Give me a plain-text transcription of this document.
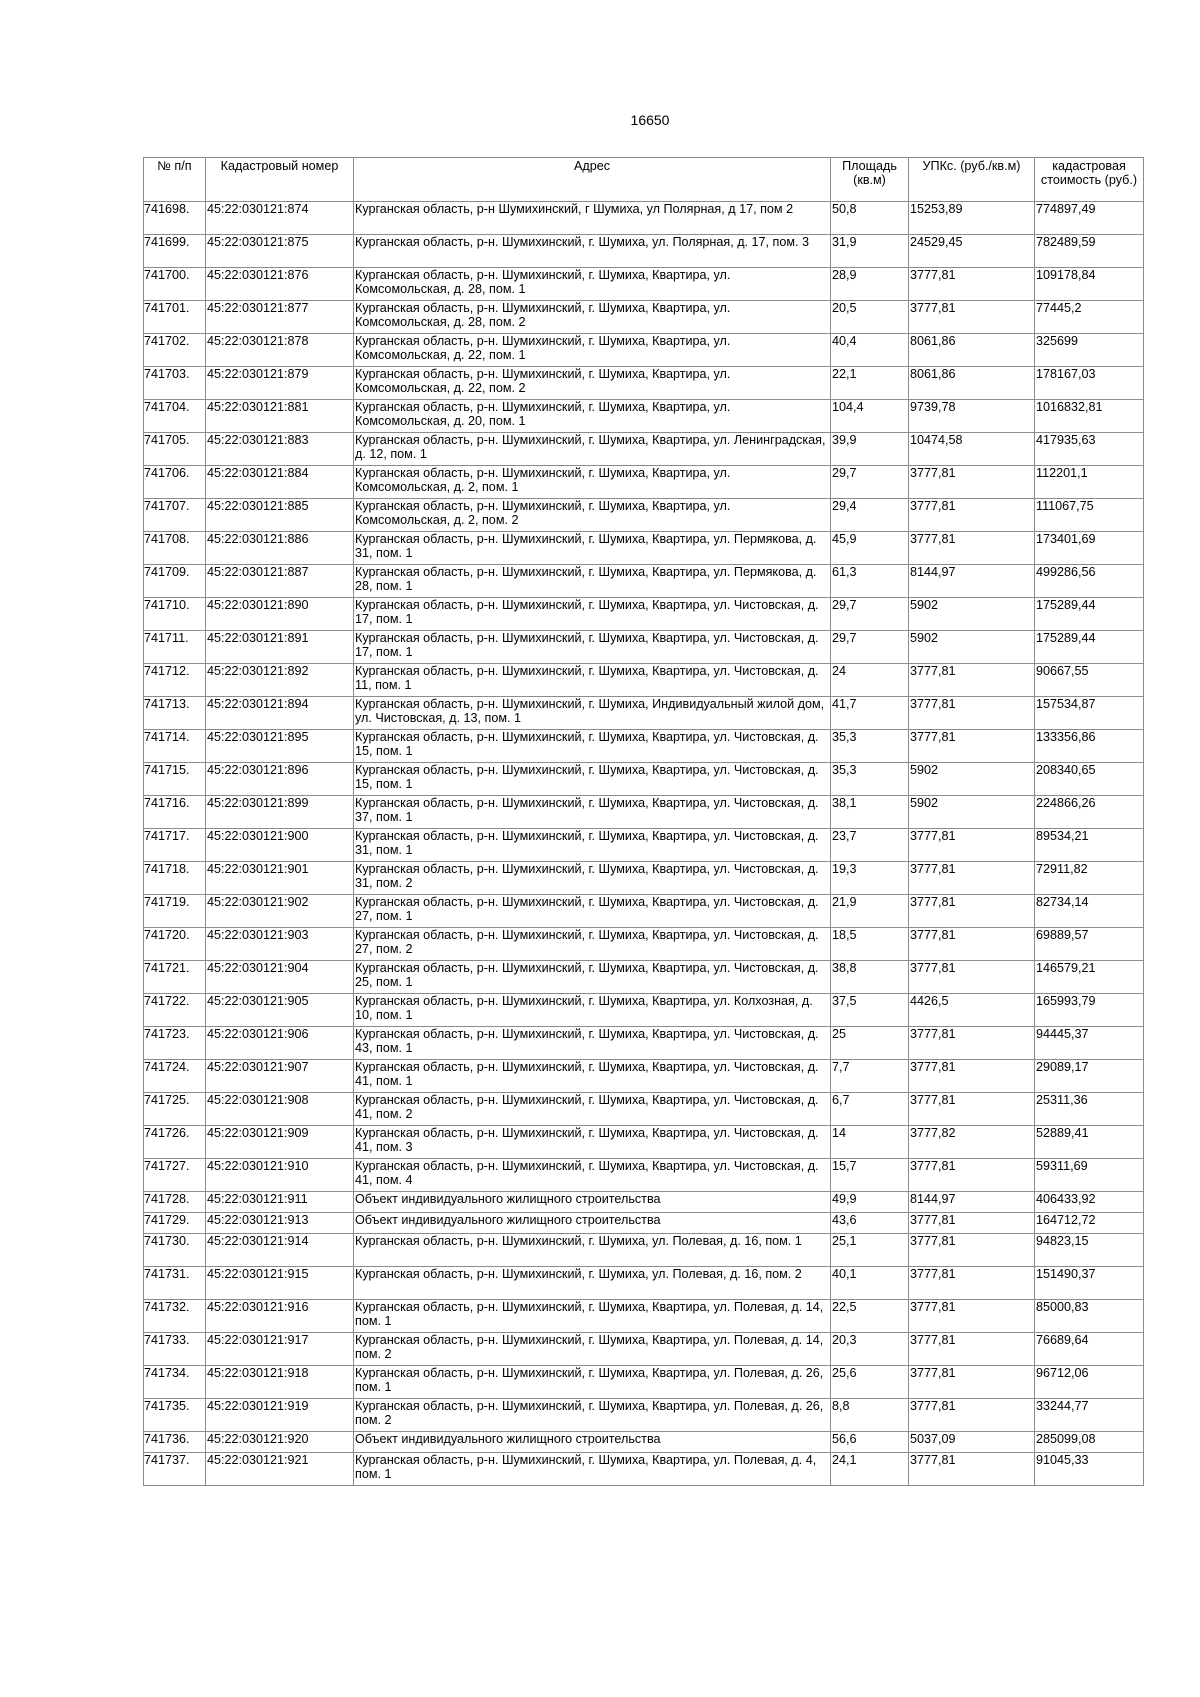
16650
№ п/п	Кадастровый номер	Адрес	Площадь (кв.м)	УПКс. (руб./кв.м)	кадастровая стоимость (руб.)
741698.	45:22:030121:874	Курганская область, р-н Шумихинский, г Шумиха, ул Полярная, д 17, пом 2	50,8	15253,89	774897,49
741699.	45:22:030121:875	Курганская область, р-н. Шумихинский, г. Шумиха, ул. Полярная, д. 17, пом. 3	31,9	24529,45	782489,59
741700.	45:22:030121:876	Курганская область, р-н. Шумихинский, г. Шумиха, Квартира, ул. Комсомольская, д. 28, пом. 1	28,9	3777,81	109178,84
741701.	45:22:030121:877	Курганская область, р-н. Шумихинский, г. Шумиха, Квартира, ул. Комсомольская, д. 28, пом. 2	20,5	3777,81	77445,2
741702.	45:22:030121:878	Курганская область, р-н. Шумихинский, г. Шумиха, Квартира, ул. Комсомольская, д. 22, пом. 1	40,4	8061,86	325699
741703.	45:22:030121:879	Курганская область, р-н. Шумихинский, г. Шумиха, Квартира, ул. Комсомольская, д. 22, пом. 2	22,1	8061,86	178167,03
741704.	45:22:030121:881	Курганская область, р-н. Шумихинский, г. Шумиха, Квартира, ул. Комсомольская, д. 20, пом. 1	104,4	9739,78	1016832,81
741705.	45:22:030121:883	Курганская область, р-н. Шумихинский, г. Шумиха, Квартира, ул. Ленинградская, д. 12, пом. 1	39,9	10474,58	417935,63
741706.	45:22:030121:884	Курганская область, р-н. Шумихинский, г. Шумиха, Квартира, ул. Комсомольская, д. 2, пом. 1	29,7	3777,81	112201,1
741707.	45:22:030121:885	Курганская область, р-н. Шумихинский, г. Шумиха, Квартира, ул. Комсомольская, д. 2, пом. 2	29,4	3777,81	111067,75
741708.	45:22:030121:886	Курганская область, р-н. Шумихинский, г. Шумиха, Квартира, ул. Пермякова, д. 31, пом. 1	45,9	3777,81	173401,69
741709.	45:22:030121:887	Курганская область, р-н. Шумихинский, г. Шумиха, Квартира, ул. Пермякова, д. 28, пом. 1	61,3	8144,97	499286,56
741710.	45:22:030121:890	Курганская область, р-н. Шумихинский, г. Шумиха, Квартира, ул. Чистовская, д. 17, пом. 1	29,7	5902	175289,44
741711.	45:22:030121:891	Курганская область, р-н. Шумихинский, г. Шумиха, Квартира, ул. Чистовская, д. 17, пом. 1	29,7	5902	175289,44
741712.	45:22:030121:892	Курганская область, р-н. Шумихинский, г. Шумиха, Квартира, ул. Чистовская, д. 11, пом. 1	24	3777,81	90667,55
741713.	45:22:030121:894	Курганская область, р-н. Шумихинский, г. Шумиха, Индивидуальный жилой дом, ул. Чистовская, д. 13, пом. 1	41,7	3777,81	157534,87
741714.	45:22:030121:895	Курганская область, р-н. Шумихинский, г. Шумиха, Квартира, ул. Чистовская, д. 15, пом. 1	35,3	3777,81	133356,86
741715.	45:22:030121:896	Курганская область, р-н. Шумихинский, г. Шумиха, Квартира, ул. Чистовская, д. 15, пом. 1	35,3	5902	208340,65
741716.	45:22:030121:899	Курганская область, р-н. Шумихинский, г. Шумиха, Квартира, ул. Чистовская, д. 37, пом. 1	38,1	5902	224866,26
741717.	45:22:030121:900	Курганская область, р-н. Шумихинский, г. Шумиха, Квартира, ул. Чистовская, д. 31, пом. 1	23,7	3777,81	89534,21
741718.	45:22:030121:901	Курганская область, р-н. Шумихинский, г. Шумиха, Квартира, ул. Чистовская, д. 31, пом. 2	19,3	3777,81	72911,82
741719.	45:22:030121:902	Курганская область, р-н. Шумихинский, г. Шумиха, Квартира, ул. Чистовская, д. 27, пом. 1	21,9	3777,81	82734,14
741720.	45:22:030121:903	Курганская область, р-н. Шумихинский, г. Шумиха, Квартира, ул. Чистовская, д. 27, пом. 2	18,5	3777,81	69889,57
741721.	45:22:030121:904	Курганская область, р-н. Шумихинский, г. Шумиха, Квартира, ул. Чистовская, д. 25, пом. 1	38,8	3777,81	146579,21
741722.	45:22:030121:905	Курганская область, р-н. Шумихинский, г. Шумиха, Квартира, ул. Колхозная, д. 10, пом. 1	37,5	4426,5	165993,79
741723.	45:22:030121:906	Курганская область, р-н. Шумихинский, г. Шумиха, Квартира, ул. Чистовская, д. 43, пом. 1	25	3777,81	94445,37
741724.	45:22:030121:907	Курганская область, р-н. Шумихинский, г. Шумиха, Квартира, ул. Чистовская, д. 41, пом. 1	7,7	3777,81	29089,17
741725.	45:22:030121:908	Курганская область, р-н. Шумихинский, г. Шумиха, Квартира, ул. Чистовская, д. 41, пом. 2	6,7	3777,81	25311,36
741726.	45:22:030121:909	Курганская область, р-н. Шумихинский, г. Шумиха, Квартира, ул. Чистовская, д. 41, пом. 3	14	3777,82	52889,41
741727.	45:22:030121:910	Курганская область, р-н. Шумихинский, г. Шумиха, Квартира, ул. Чистовская, д. 41, пом. 4	15,7	3777,81	59311,69
741728.	45:22:030121:911	Объект индивидуального жилищного строительства	49,9	8144,97	406433,92
741729.	45:22:030121:913	Объект индивидуального жилищного строительства	43,6	3777,81	164712,72
741730.	45:22:030121:914	Курганская область, р-н. Шумихинский, г. Шумиха, ул. Полевая, д. 16, пом. 1	25,1	3777,81	94823,15
741731.	45:22:030121:915	Курганская область, р-н. Шумихинский, г. Шумиха, ул. Полевая, д. 16, пом. 2	40,1	3777,81	151490,37
741732.	45:22:030121:916	Курганская область, р-н. Шумихинский, г. Шумиха, Квартира, ул. Полевая, д. 14, пом. 1	22,5	3777,81	85000,83
741733.	45:22:030121:917	Курганская область, р-н. Шумихинский, г. Шумиха, Квартира, ул. Полевая, д. 14, пом. 2	20,3	3777,81	76689,64
741734.	45:22:030121:918	Курганская область, р-н. Шумихинский, г. Шумиха, Квартира, ул. Полевая, д. 26, пом. 1	25,6	3777,81	96712,06
741735.	45:22:030121:919	Курганская область, р-н. Шумихинский, г. Шумиха, Квартира, ул. Полевая, д. 26, пом. 2	8,8	3777,81	33244,77
741736.	45:22:030121:920	Объект индивидуального жилищного строительства	56,6	5037,09	285099,08
741737.	45:22:030121:921	Курганская область, р-н. Шумихинский, г. Шумиха, Квартира, ул. Полевая, д. 4, пом. 1	24,1	3777,81	91045,33
